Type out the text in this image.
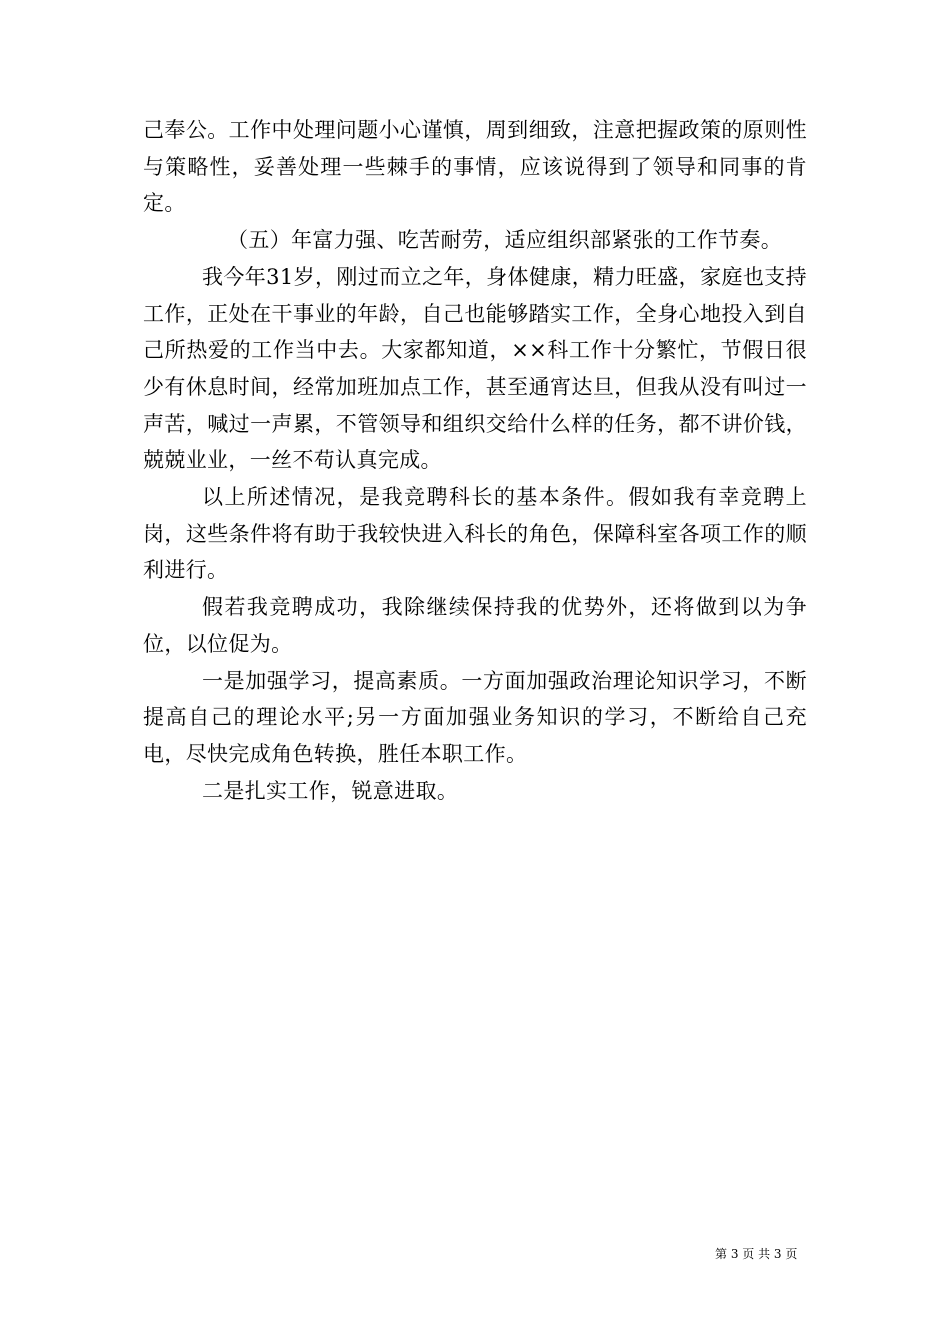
己奉公。工作中处理问题小心谨慎，周到细致，注意把握政策的原则性与策略性，妥善处理一些棘手的事情，应该说得到了领导和同事的肯定。

（五）年富力强、吃苦耐劳，适应组织部紧张的工作节奏。

我今年31岁，刚过而立之年，身体健康，精力旺盛，家庭也支持工作，正处在干事业的年龄，自己也能够踏实工作，全身心地投入到自己所热爱的工作当中去。大家都知道，××科工作十分繁忙，节假日很少有休息时间，经常加班加点工作，甚至通宵达旦，但我从没有叫过一声苦，喊过一声累，不管领导和组织交给什么样的任务，都不讲价钱，兢兢业业，一丝不苟认真完成。

以上所述情况，是我竞聘科长的基本条件。假如我有幸竞聘上岗，这些条件将有助于我较快进入科长的角色，保障科室各项工作的顺利进行。

假若我竞聘成功，我除继续保持我的优势外，还将做到以为争位，以位促为。

一是加强学习，提高素质。一方面加强政治理论知识学习，不断提高自己的理论水平;另一方面加强业务知识的学习，不断给自己充电，尽快完成角色转换，胜任本职工作。

二是扎实工作，锐意进取。

第 3 页 共 3 页
